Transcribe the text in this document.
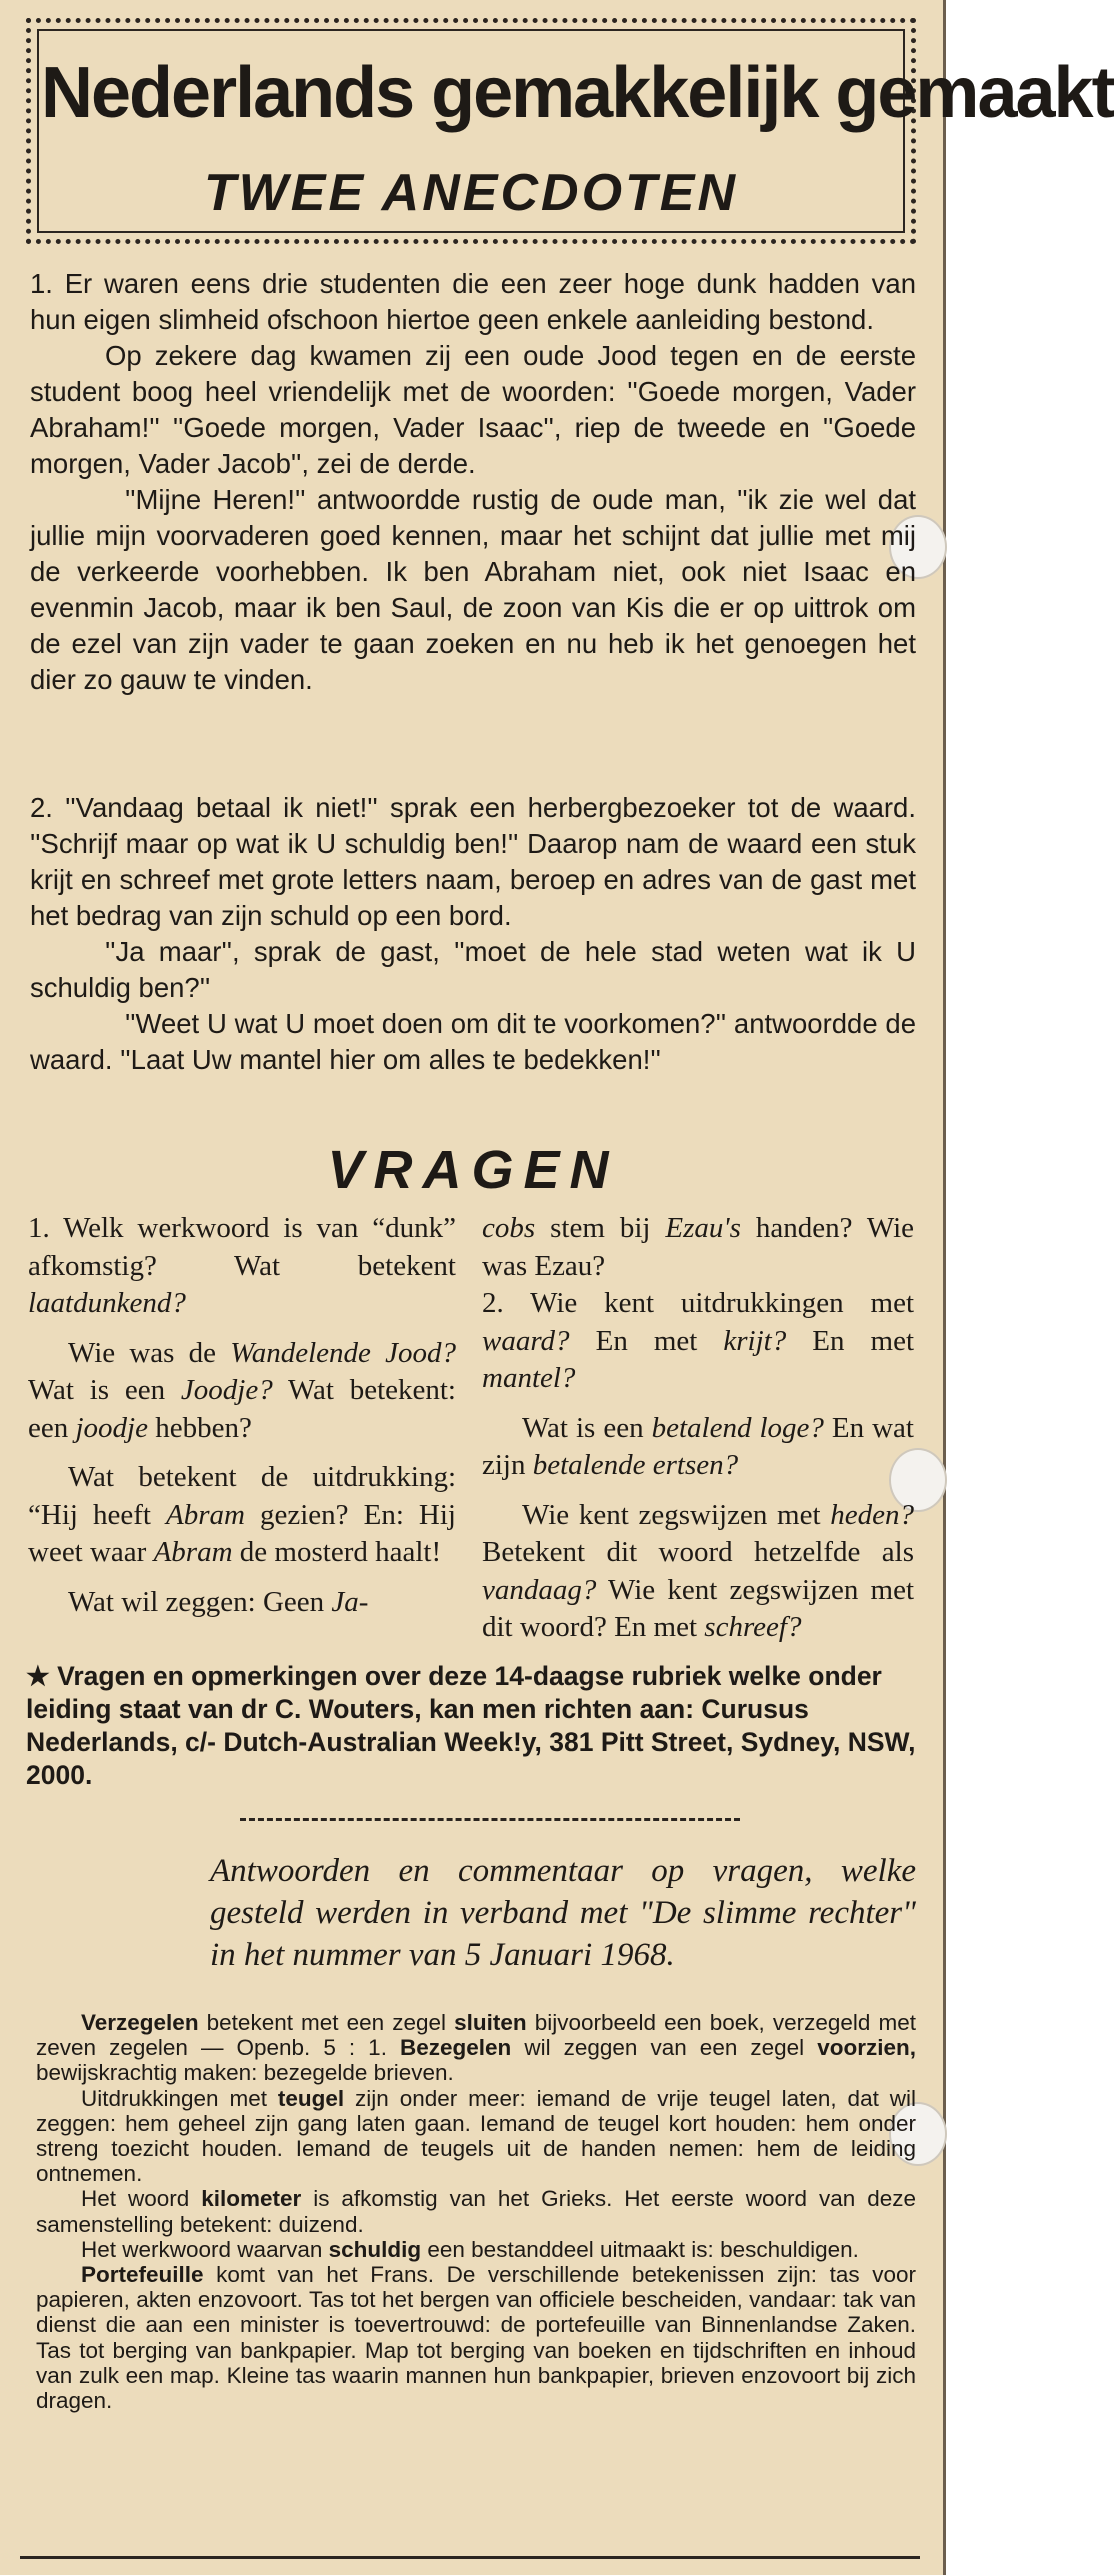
Nederlands gemakkelijk gemaakt
TWEE ANECDOTEN

1. Er waren eens drie studenten die een zeer hoge dunk hadden van hun eigen slimheid ofschoon hiertoe geen enkele aanleiding bestond.

Op zekere dag kwamen zij een oude Jood tegen en de eerste student boog heel vriendelijk met de woorden: ''Goede morgen, Vader Abraham!'' ''Goede morgen, Vader Isaac'', riep de tweede en ''Goede morgen, Vader Jacob'', zei de derde.

''Mijne Heren!'' antwoordde rustig de oude man, ''ik zie wel dat jullie mijn voorvaderen goed kennen, maar het schijnt dat jullie met mij de verkeerde voorhebben. Ik ben Abraham niet, ook niet Isaac en evenmin Jacob, maar ik ben Saul, de zoon van Kis die er op uittrok om de ezel van zijn vader te gaan zoeken en nu heb ik het genoegen het dier zo gauw te vinden.

2. ''Vandaag betaal ik niet!'' sprak een herbergbezoeker tot de waard. ''Schrijf maar op wat ik U schuldig ben!'' Daarop nam de waard een stuk krijt en schreef met grote letters naam, beroep en adres van de gast met het bedrag van zijn schuld op een bord.

''Ja maar'', sprak de gast, ''moet de hele stad weten wat ik U schuldig ben?''

''Weet U wat U moet doen om dit te voorkomen?'' antwoordde de waard. ''Laat Uw mantel hier om alles te bedekken!''

VRAGEN

1. Welk werkwoord is van “dunk” afkomstig? Wat betekent laatdunkend?

Wie was de Wandelende Jood? Wat is een Joodje? Wat betekent: een joodje hebben?

Wat betekent de uitdrukking: “Hij heeft Abram gezien? En: Hij weet waar Abram de mosterd haalt!

Wat wil zeggen: Geen Ja-

cobs stem bij Ezau's handen? Wie was Ezau?

2. Wie kent uitdrukkingen met waard? En met krijt? En met mantel?

Wat is een betalend loge? En wat zijn betalende ertsen?

Wie kent zegswijzen met heden? Betekent dit woord hetzelfde als vandaag? Wie kent zegswijzen met dit woord? En met schreef?

★ Vragen en opmerkingen over deze 14-daagse rubriek welke onder leiding staat van dr C. Wouters, kan men richten aan: Curusus Nederlands, c/- Dutch-Australian Week!y, 381 Pitt Street, Sydney, NSW, 2000.
Antwoorden en commentaar op vragen, welke gesteld werden in verband met "De slimme rechter" in het nummer van 5 Januari 1968.

Verzegelen betekent met een zegel sluiten bijvoorbeeld een boek, verzegeld met zeven zegelen — Openb. 5 : 1. Bezegelen wil zeggen van een zegel voorzien, bewijskrachtig maken: bezegelde brieven.

Uitdrukkingen met teugel zijn onder meer: iemand de vrije teugel laten, dat wil zeggen: hem geheel zijn gang laten gaan. Iemand de teugel kort houden: hem onder streng toezicht houden. Iemand de teugels uit de handen nemen: hem de leiding ontnemen.

Het woord kilometer is afkomstig van het Grieks. Het eerste woord van deze samenstelling betekent: duizend.

Het werkwoord waarvan schuldig een bestanddeel uitmaakt is: beschuldigen.

Portefeuille komt van het Frans. De verschillende betekenissen zijn: tas voor papieren, akten enzovoort. Tas tot het bergen van officiele bescheiden, vandaar: tak van dienst die aan een minister is toevertrouwd: de portefeuille van Binnenlandse Zaken. Tas tot berging van bankpapier. Map tot berging van boeken en tijdschriften en inhoud van zulk een map. Kleine tas waarin mannen hun bankpapier, brieven enzovoort bij zich dragen.
